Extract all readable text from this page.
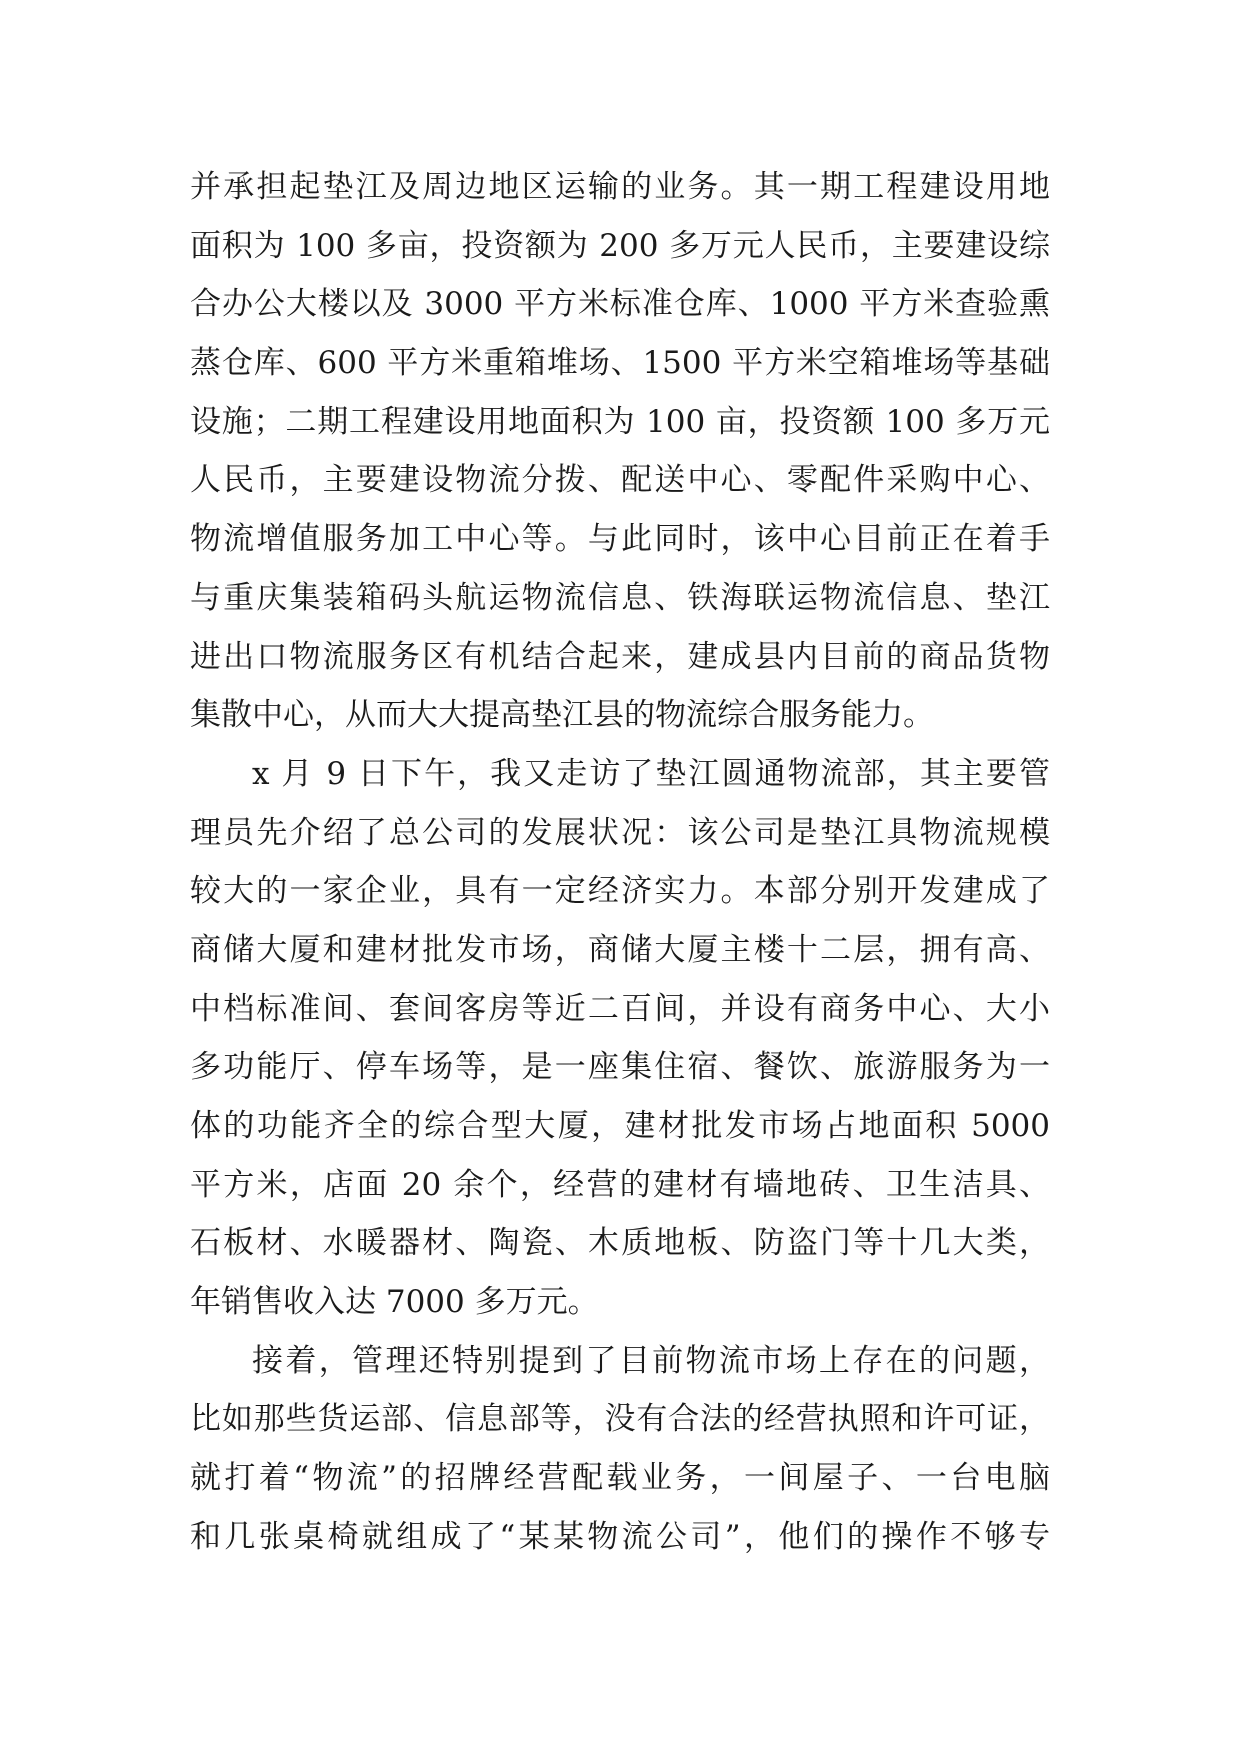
并承担起垫江及周边地区运输的业务。其一期工程建设用地
面积为 100 多亩，投资额为 200 多万元人民币，主要建设综
合办公大楼以及 3000 平方米标准仓库、1000 平方米查验熏
蒸仓库、600 平方米重箱堆场、1500 平方米空箱堆场等基础
设施；二期工程建设用地面积为 100 亩，投资额 100 多万元
人民币，主要建设物流分拨、配送中心、零配件采购中心、
物流增值服务加工中心等。与此同时，该中心目前正在着手
与重庆集装箱码头航运物流信息、铁海联运物流信息、垫江
进出口物流服务区有机结合起来，建成县内目前的商品货物
集散中心，从而大大提高垫江县的物流综合服务能力。
x 月 9 日下午，我又走访了垫江圆通物流部，其主要管
理员先介绍了总公司的发展状况：该公司是垫江具物流规模
较大的一家企业，具有一定经济实力。本部分别开发建成了
商储大厦和建材批发市场，商储大厦主楼十二层，拥有高、
中档标准间、套间客房等近二百间，并设有商务中心、大小
多功能厅、停车场等，是一座集住宿、餐饮、旅游服务为一
体的功能齐全的综合型大厦，建材批发市场占地面积 5000
平方米，店面 20 余个，经营的建材有墙地砖、卫生洁具、
石板材、水暖器材、陶瓷、木质地板、防盗门等十几大类，
年销售收入达 7000 多万元。
接着，管理还特别提到了目前物流市场上存在的问题，
比如那些货运部、信息部等，没有合法的经营执照和许可证，
就打着“物流”的招牌经营配载业务，一间屋子、一台电脑
和几张桌椅就组成了“某某物流公司”，他们的操作不够专
